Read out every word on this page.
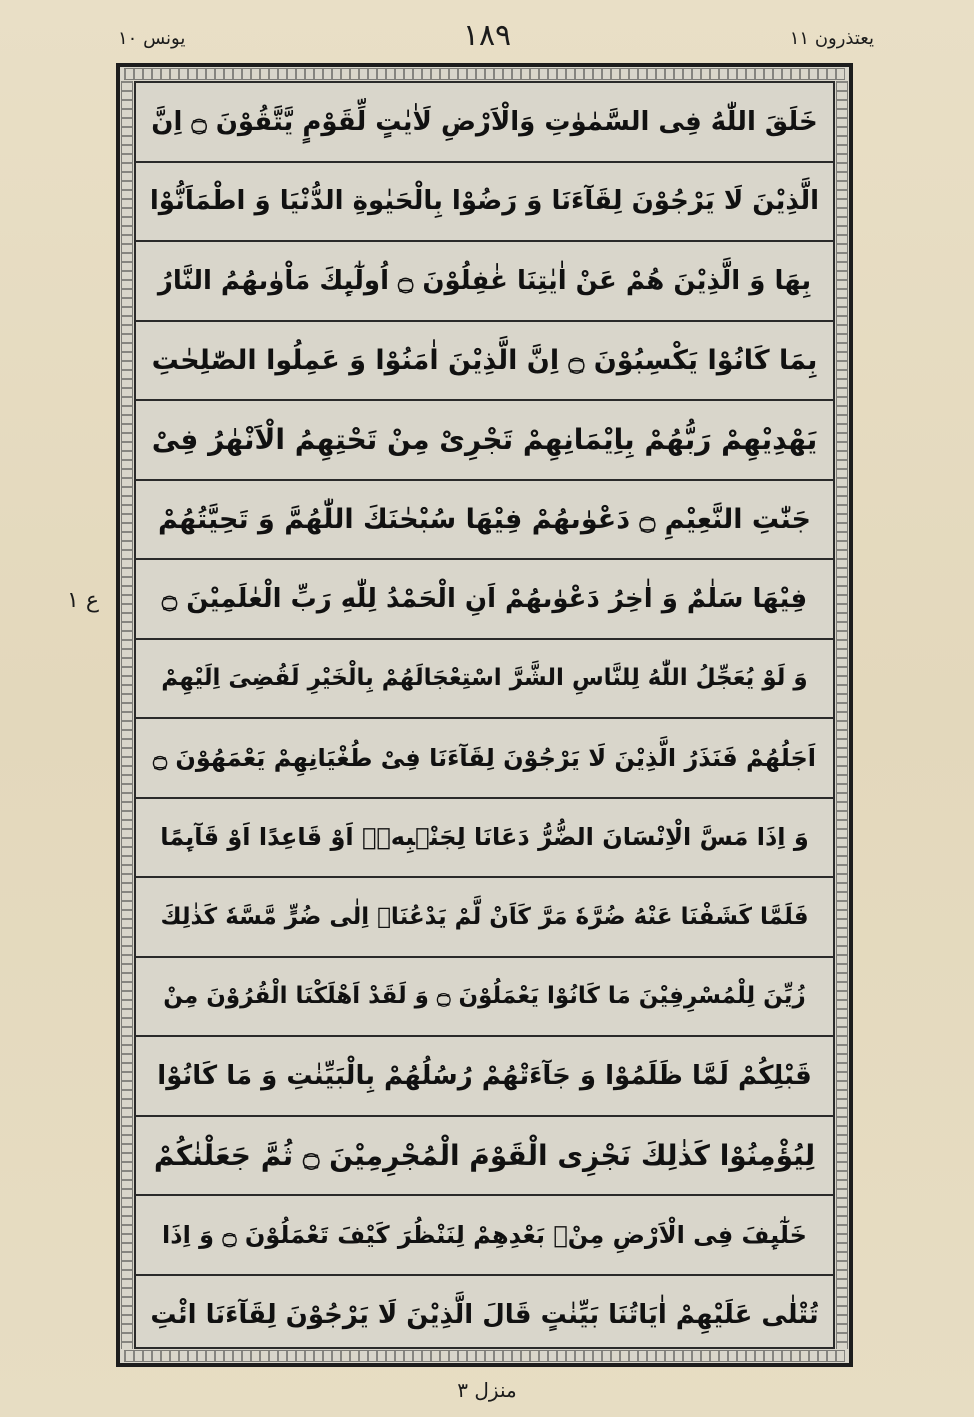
یعتذرون ۱۱
۱۸۹
یونس ۱۰
ع ۱
خَلَقَ اللّٰهُ فِی السَّمٰوٰتِ وَالْاَرْضِ لَاٰیٰتٍ لِّقَوْمٍ یَّتَّقُوْنَ ۝ اِنَّ
الَّذِیْنَ لَا یَرْجُوْنَ لِقَآءَنَا وَ رَضُوْا بِالْحَیٰوةِ الدُّنْیَا وَ اطْمَاَنُّوْا
بِهَا وَ الَّذِیْنَ هُمْ عَنْ اٰیٰتِنَا غٰفِلُوْنَ ۝ اُولٰٓىِٕكَ مَاْوٰىهُمُ النَّارُ
بِمَا كَانُوْا یَكْسِبُوْنَ ۝ اِنَّ الَّذِیْنَ اٰمَنُوْا وَ عَمِلُوا الصّٰلِحٰتِ
یَهْدِیْهِمْ رَبُّهُمْ بِاِیْمَانِهِمْ تَجْرِیْ مِنْ تَحْتِهِمُ الْاَنْهٰرُ فِیْ
جَنّٰتِ النَّعِیْمِ ۝ دَعْوٰىهُمْ فِیْهَا سُبْحٰنَكَ اللّٰهُمَّ وَ تَحِیَّتُهُمْ
فِیْهَا سَلٰمٌ وَ اٰخِرُ دَعْوٰىهُمْ اَنِ الْحَمْدُ لِلّٰهِ رَبِّ الْعٰلَمِیْنَ ۝
وَ لَوْ یُعَجِّلُ اللّٰهُ لِلنَّاسِ الشَّرَّ اسْتِعْجَالَهُمْ بِالْخَیْرِ لَقُضِیَ اِلَیْهِمْ
اَجَلُهُمْ فَنَذَرُ الَّذِیْنَ لَا یَرْجُوْنَ لِقَآءَنَا فِیْ طُغْیَانِهِمْ یَعْمَهُوْنَ ۝
وَ اِذَا مَسَّ الْاِنْسَانَ الضُّرُّ دَعَانَا لِجَنْۢبِهٖۤ اَوْ قَاعِدًا اَوْ قَآىِٕمًا
فَلَمَّا كَشَفْنَا عَنْهُ ضُرَّهٗ مَرَّ كَاَنْ لَّمْ یَدْعُنَاۤ اِلٰى ضُرٍّ مَّسَّهٗ كَذٰلِكَ
زُیِّنَ لِلْمُسْرِفِیْنَ مَا كَانُوْا یَعْمَلُوْنَ ۝ وَ لَقَدْ اَهْلَكْنَا الْقُرُوْنَ مِنْ
قَبْلِكُمْ لَمَّا ظَلَمُوْا وَ جَآءَتْهُمْ رُسُلُهُمْ بِالْبَیِّنٰتِ وَ مَا كَانُوْا
لِیُؤْمِنُوْا كَذٰلِكَ نَجْزِی الْقَوْمَ الْمُجْرِمِیْنَ ۝ ثُمَّ جَعَلْنٰكُمْ
خَلٰٓىِٕفَ فِی الْاَرْضِ مِنْۢ بَعْدِهِمْ لِنَنْظُرَ كَیْفَ تَعْمَلُوْنَ ۝ وَ اِذَا
تُتْلٰى عَلَیْهِمْ اٰیَاتُنَا بَیِّنٰتٍ قَالَ الَّذِیْنَ لَا یَرْجُوْنَ لِقَآءَنَا ائْتِ
منزل ۳
